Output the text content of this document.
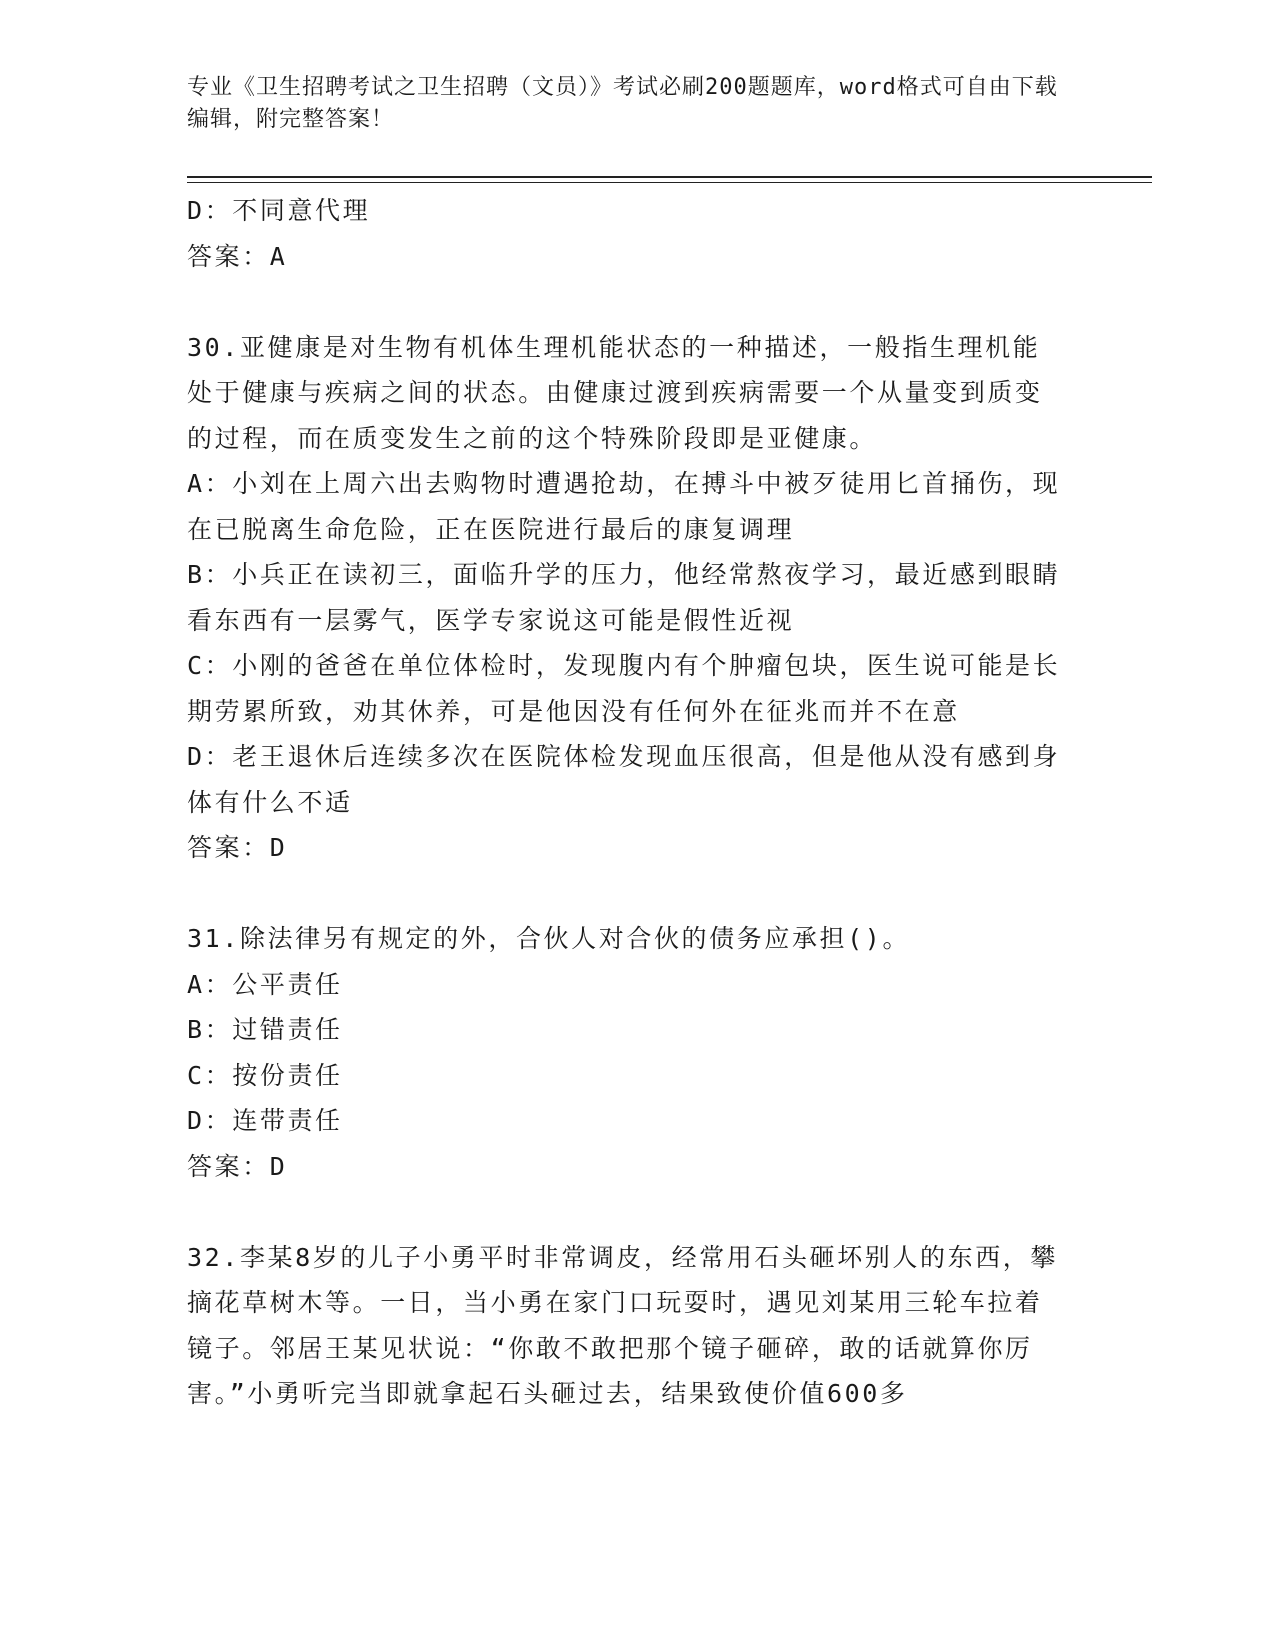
专业《卫生招聘考试之卫生招聘（文员）》考试必刷200题题库，word格式可自由下载编辑，附完整答案！
D：不同意代理
答案：A
30.亚健康是对生物有机体生理机能状态的一种描述，一般指生理机能处于健康与疾病之间的状态。由健康过渡到疾病需要一个从量变到质变的过程，而在质变发生之前的这个特殊阶段即是亚健康。
A：小刘在上周六出去购物时遭遇抢劫，在搏斗中被歹徒用匕首捅伤，现在已脱离生命危险，正在医院进行最后的康复调理
B：小兵正在读初三，面临升学的压力，他经常熬夜学习，最近感到眼睛看东西有一层雾气，医学专家说这可能是假性近视
C：小刚的爸爸在单位体检时，发现腹内有个肿瘤包块，医生说可能是长期劳累所致，劝其休养，可是他因没有任何外在征兆而并不在意
D：老王退休后连续多次在医院体检发现血压很高，但是他从没有感到身体有什么不适
答案：D
31.除法律另有规定的外，合伙人对合伙的债务应承担()。
A：公平责任
B：过错责任
C：按份责任
D：连带责任
答案：D
32.李某8岁的儿子小勇平时非常调皮，经常用石头砸坏别人的东西，攀摘花草树木等。一日，当小勇在家门口玩耍时，遇见刘某用三轮车拉着镜子。邻居王某见状说：“你敢不敢把那个镜子砸碎，敢的话就算你厉害。”小勇听完当即就拿起石头砸过去，结果致使价值600多
